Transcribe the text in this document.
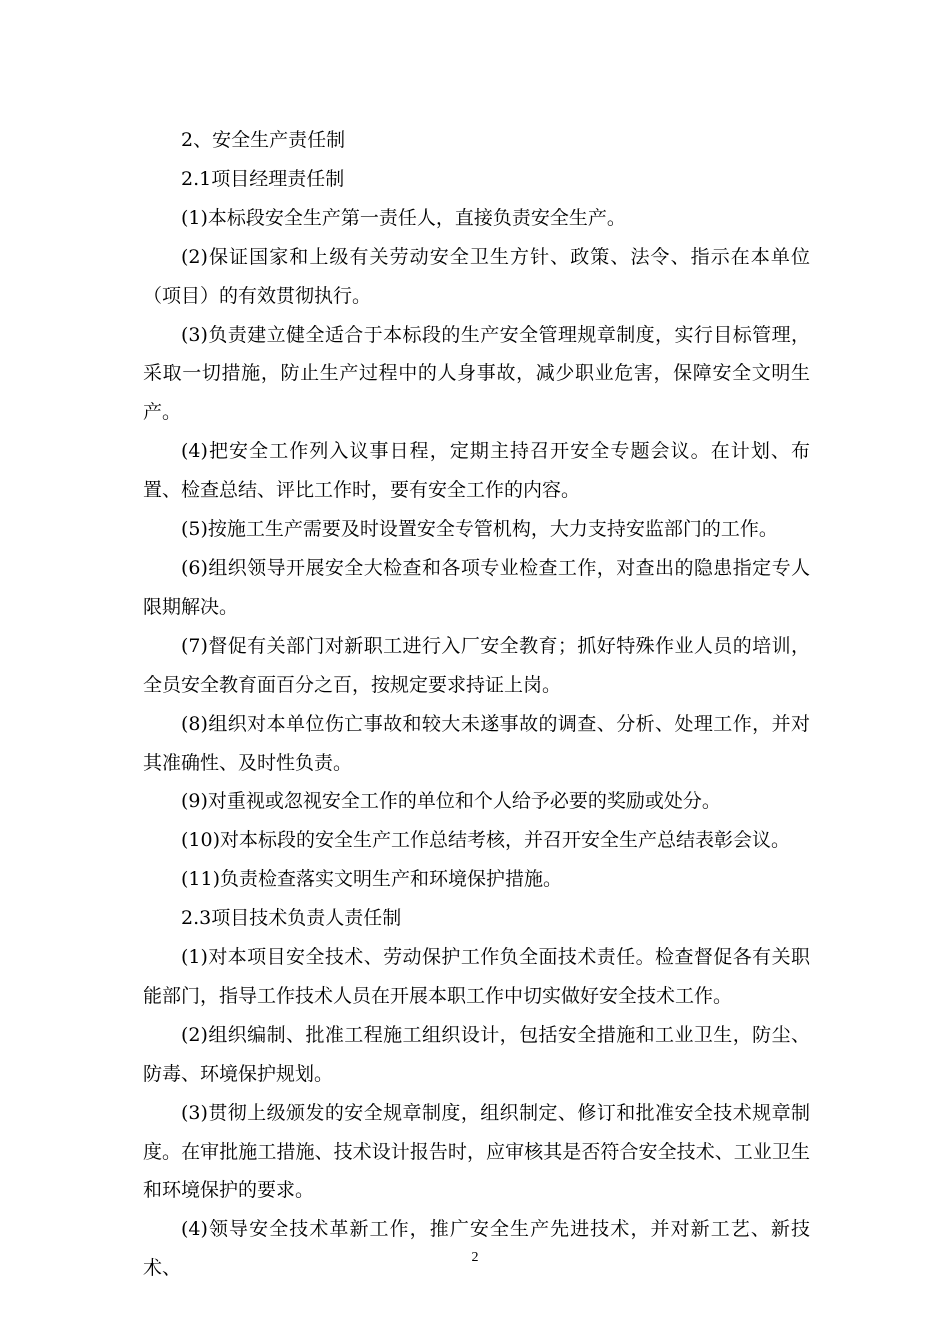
2、安全生产责任制

2.1项目经理责任制

(1)本标段安全生产第一责任人，直接负责安全生产。

(2)保证国家和上级有关劳动安全卫生方针、政策、法令、指示在本单位（项目）的有效贯彻执行。

(3)负责建立健全适合于本标段的生产安全管理规章制度，实行目标管理，采取一切措施，防止生产过程中的人身事故，减少职业危害，保障安全文明生产。

(4)把安全工作列入议事日程，定期主持召开安全专题会议。在计划、布置、检查总结、评比工作时，要有安全工作的内容。

(5)按施工生产需要及时设置安全专管机构，大力支持安监部门的工作。

(6)组织领导开展安全大检查和各项专业检查工作，对查出的隐患指定专人限期解决。

(7)督促有关部门对新职工进行入厂安全教育；抓好特殊作业人员的培训，全员安全教育面百分之百，按规定要求持证上岗。

(8)组织对本单位伤亡事故和较大未遂事故的调查、分析、处理工作，并对其准确性、及时性负责。

(9)对重视或忽视安全工作的单位和个人给予必要的奖励或处分。

(10)对本标段的安全生产工作总结考核，并召开安全生产总结表彰会议。

(11)负责检查落实文明生产和环境保护措施。

2.3项目技术负责人责任制

(1)对本项目安全技术、劳动保护工作负全面技术责任。检查督促各有关职能部门，指导工作技术人员在开展本职工作中切实做好安全技术工作。

(2)组织编制、批准工程施工组织设计，包括安全措施和工业卫生，防尘、防毒、环境保护规划。

(3)贯彻上级颁发的安全规章制度，组织制定、修订和批准安全技术规章制度。在审批施工措施、技术设计报告时，应审核其是否符合安全技术、工业卫生和环境保护的要求。

(4)领导安全技术革新工作，推广安全生产先进技术，并对新工艺、新技术、	2
